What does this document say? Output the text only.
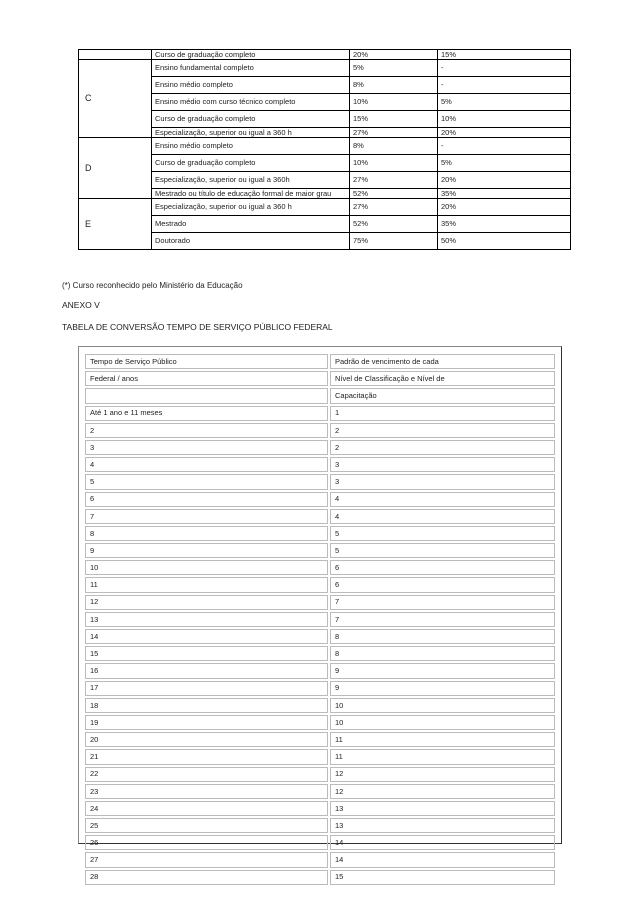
	Curso de graduação completo	20%	15%
C	Ensino fundamental completo	5%	-
	Ensino médio completo	8%	-
	Ensino médio com curso técnico completo	10%	5%
	Curso de graduação completo	15%	10%
	Especialização, superior ou igual a 360 h	27%	20%
D	Ensino médio completo	8%	-
	Curso de graduação completo	10%	5%
	Especialização, superior ou igual a 360h	27%	20%
	Mestrado ou título de educação formal de maior grau	52%	35%
E	Especialização, superior ou igual a 360 h	27%	20%
	Mestrado	52%	35%
	Doutorado	75%	50%
(*) Curso reconhecido pelo Ministério da Educação
ANEXO V
TABELA DE CONVERSÃO TEMPO DE SERVIÇO PÚBLICO FEDERAL
Tempo de Serviço Público	Padrão de vencimento de cada
Federal / anos	Nível de Classificação e Nível de
	Capacitação
Até 1 ano e 11 meses	1
2	2
3	2
4	3
5	3
6	4
7	4
8	5
9	5
10	6
11	6
12	7
13	7
14	8
15	8
16	9
17	9
18	10
19	10
20	11
21	11
22	12
23	12
24	13
25	13
26	14
27	14
28	15
